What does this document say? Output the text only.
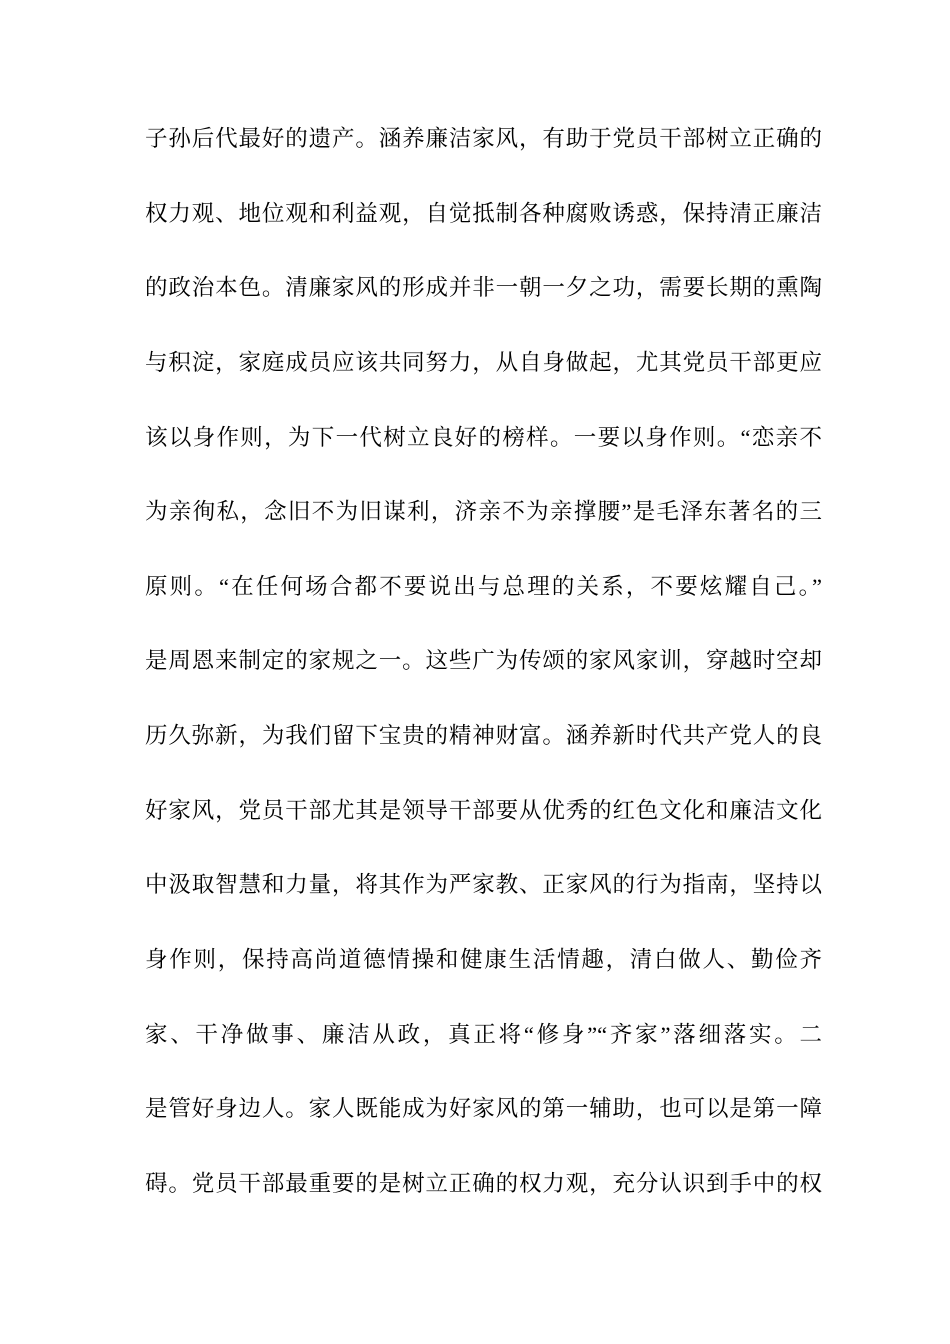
子孙后代最好的遗产。涵养廉洁家风，有助于党员干部树立正确的
权力观、地位观和利益观，自觉抵制各种腐败诱惑，保持清正廉洁
的政治本色。清廉家风的形成并非一朝一夕之功，需要长期的熏陶
与积淀，家庭成员应该共同努力，从自身做起，尤其党员干部更应
该以身作则，为下一代树立良好的榜样。一要以身作则。“恋亲不
为亲徇私，念旧不为旧谋利，济亲不为亲撑腰”是毛泽东著名的三
原则。“在任何场合都不要说出与总理的关系，不要炫耀自己。”
是周恩来制定的家规之一。这些广为传颂的家风家训，穿越时空却
历久弥新，为我们留下宝贵的精神财富。涵养新时代共产党人的良
好家风，党员干部尤其是领导干部要从优秀的红色文化和廉洁文化
中汲取智慧和力量，将其作为严家教、正家风的行为指南，坚持以
身作则，保持高尚道德情操和健康生活情趣，清白做人、勤俭齐
家、干净做事、廉洁从政，真正将“修身”“齐家”落细落实。二
是管好身边人。家人既能成为好家风的第一辅助，也可以是第一障
碍。党员干部最重要的是树立正确的权力观，充分认识到手中的权
